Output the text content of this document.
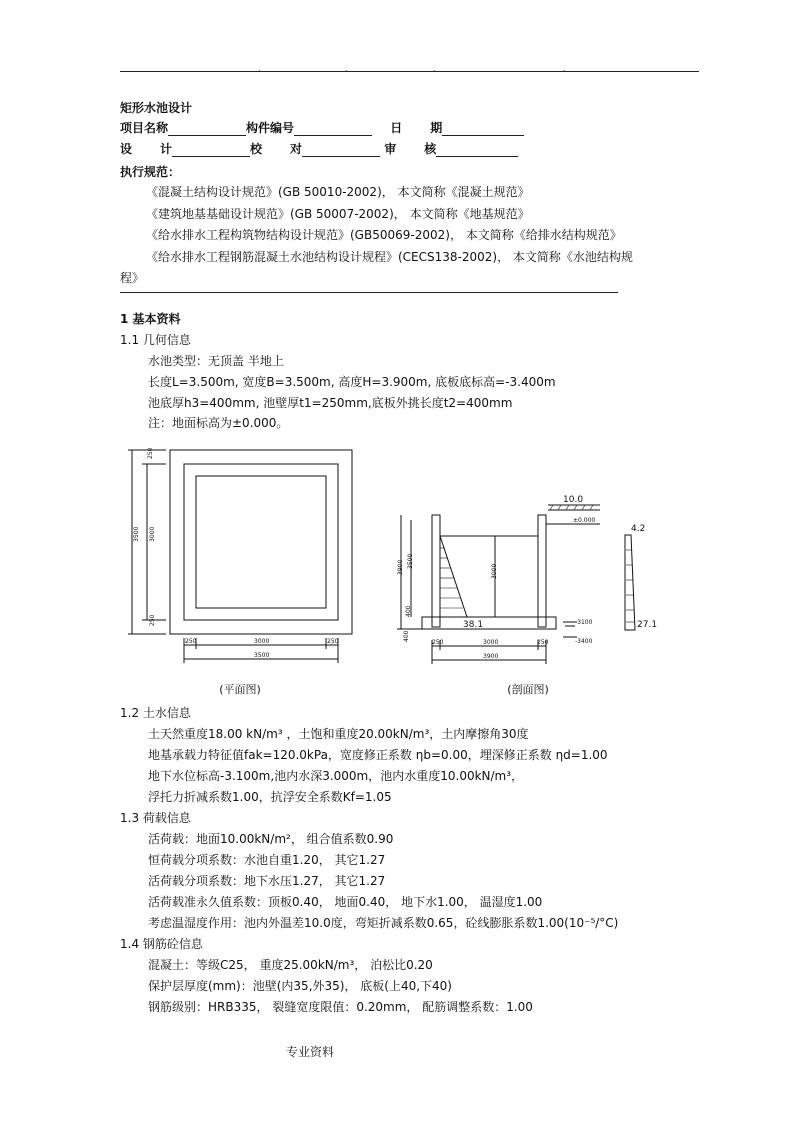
.	.	.	.
矩形水池设计
项目名称	构件编号	日 期
设 计	校 对	审 核
执行规范：
《混凝土结构设计规范》(GB 50010-2002)， 本文简称《混凝土规范》
《建筑地基基础设计规范》(GB 50007-2002)， 本文简称《地基规范》
《给水排水工程构筑物结构设计规范》(GB50069-2002)， 本文简称《给排水结构规范》
《给水排水工程钢筋混凝土水池结构设计规程》(CECS138-2002)， 本文简称《水池结构规
程》
1 基本资料
1.1 几何信息
水池类型：无顶盖 半地上
长度L=3.500m, 宽度B=3.500m, 高度H=3.900m, 底板底标高=-3.400m
池底厚h3=400mm, 池壁厚t1=250mm,底板外挑长度t2=400mm
注：地面标高为±0.000。
250
3500 3000
250
250	3000	250
3500
(平面图)
10.0
±0.000
-3100
-3400
3900 3500
3000
400
400
250	3000	250
3900
38.1
4.2
27.1
(剖面图)
1.2 土水信息
土天然重度18.00 kN/m³ ，土饱和重度20.00kN/m³，土内摩擦角30度
地基承载力特征值fak=120.0kPa，宽度修正系数 ηb=0.00，埋深修正系数 ηd=1.00
地下水位标高-3.100m,池内水深3.000m，池内水重度10.00kN/m³，
浮托力折减系数1.00，抗浮安全系数Kf=1.05
1.3 荷载信息
活荷载：地面10.00kN/m²， 组合值系数0.90
恒荷载分项系数：水池自重1.20， 其它1.27
活荷载分项系数：地下水压1.27， 其它1.27
活荷载准永久值系数：顶板0.40， 地面0.40， 地下水1.00， 温湿度1.00
考虑温湿度作用：池内外温差10.0度，弯矩折减系数0.65，砼线膨胀系数1.00(10⁻⁵/°C)
1.4 钢筋砼信息
混凝土：等级C25， 重度25.00kN/m³， 泊松比0.20
保护层厚度(mm)：池壁(内35,外35)， 底板(上40,下40)
钢筋级别：HRB335， 裂缝宽度限值：0.20mm， 配筋调整系数：1.00
专业资料
